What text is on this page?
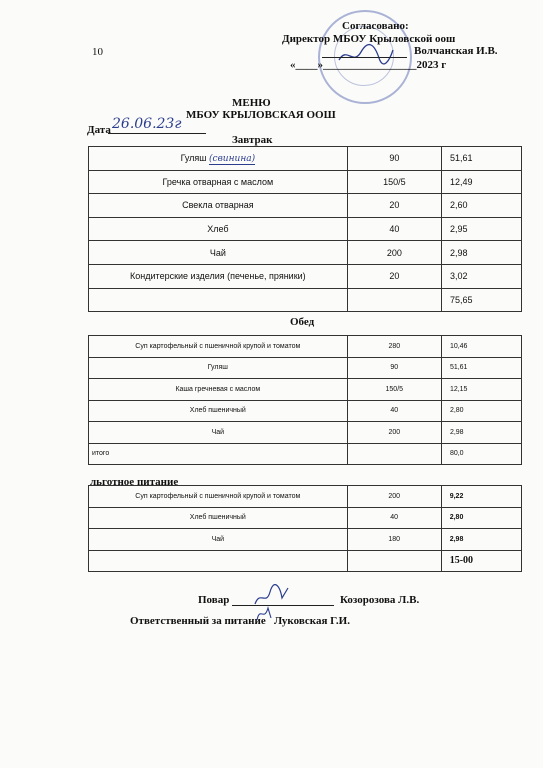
Согласовано:
Директор МБОУ Крыловской оош
10	Волчанская И.В.
«____»_________________2023 г
МЕНЮ
МБОУ КРЫЛОВСКАЯ ООШ
Дата 26.06.23г
Завтрак
Гуляш (свинина)	90	51,61
Гречка отварная с маслом	150/5	12,49
Свекла отварная	20	2,60
Хлеб	40	2,95
Чай	200	2,98
Кондитерские изделия (печенье, пряники)	20	3,02
		75,65
Обед
Суп картофельный с пшеничной крупой и томатом	280	10,46
Гуляш	90	51,61
Каша гречневая с маслом	150/5	12,15
Хлеб пшеничный	40	2,80
Чай	200	2,98
итого		80,0
льготное питание
Суп картофельный с пшеничной крупой и томатом	200	9,22
Хлеб пшеничный	40	2,80
Чай	180	2,98
		15-00
Повар	Козорозова Л.В.
Ответственный за питание Луковская Г.И.
